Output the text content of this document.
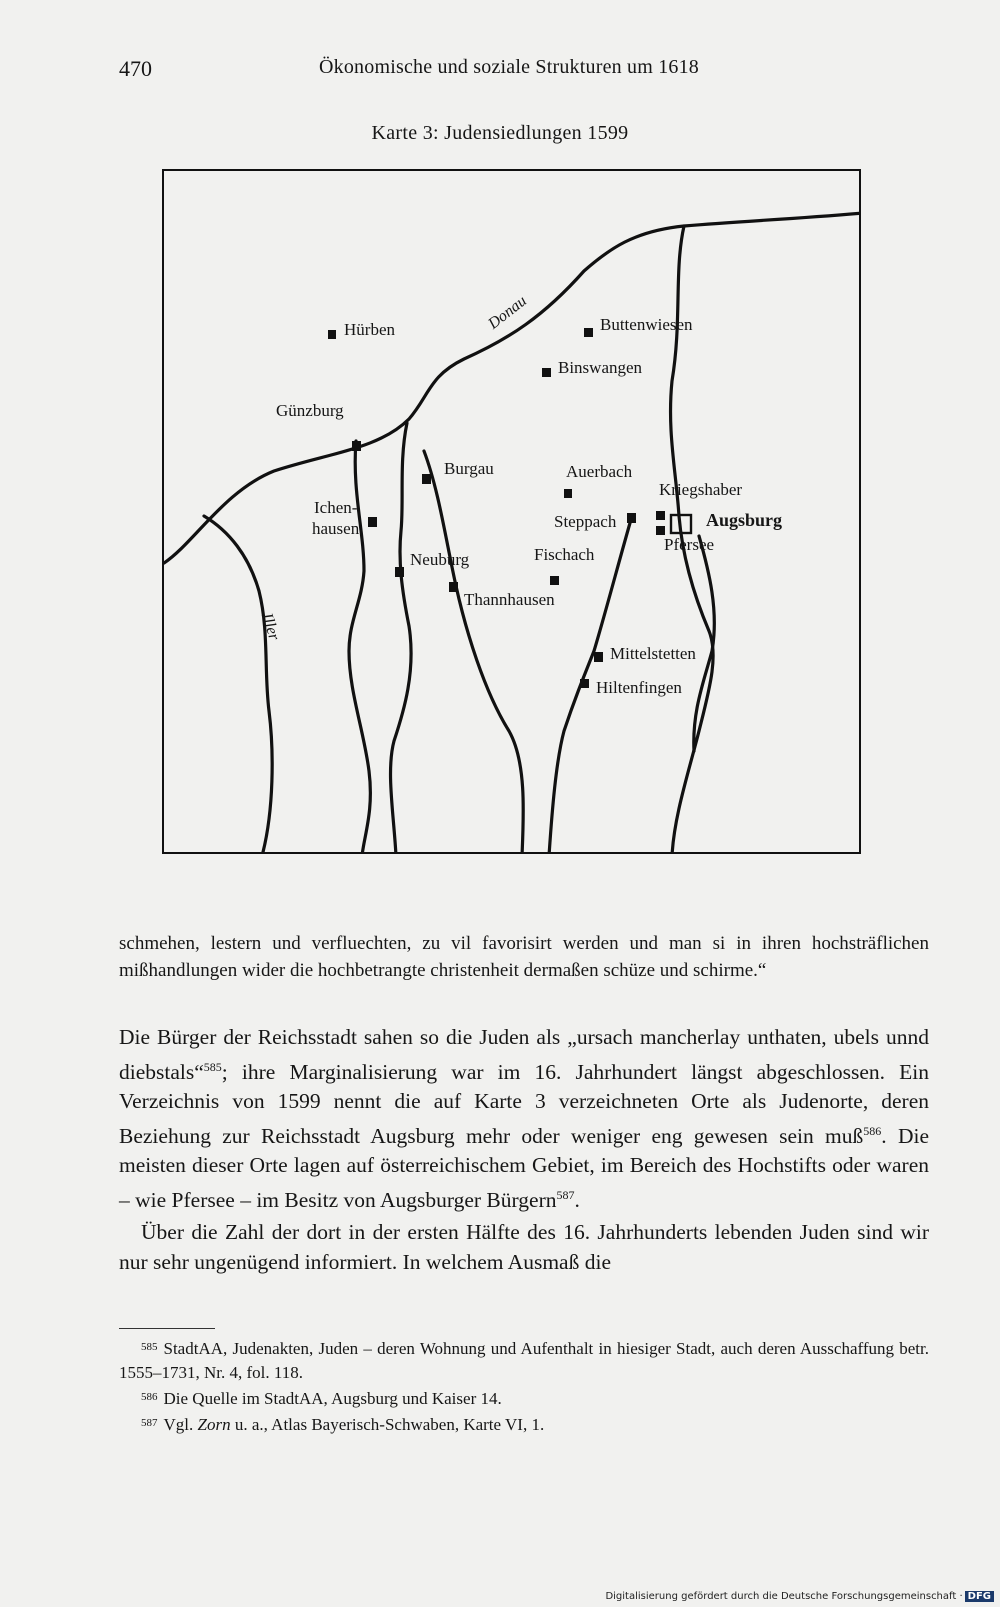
470	Ökonomische und soziale Strukturen um 1618
Karte 3: Judensiedlungen 1599
Donau
Iller
Hürben	Buttenwiesen
Binswangen
Günzburg
Burgau	Auerbach
Kriegshaber
Ichen-
hausen	Steppach	Augsburg
Pfersee
Neuburg	Fischach
Thannhausen
Mittelstetten
Hiltenfingen
schmehen, lestern und verfluechten, zu vil favorisirt werden und man si in ihren hochsträflichen mißhandlungen wider die hochbetrangte christenheit dermaßen schüze und schirme.“

Die Bürger der Reichsstadt sahen so die Juden als „ursach mancherlay unthaten, ubels unnd diebstals“$^{585}$; ihre Marginalisierung war im 16. Jahrhundert längst abgeschlossen. Ein Verzeichnis von 1599 nennt die auf Karte 3 verzeichneten Orte als Judenorte, deren Beziehung zur Reichsstadt Augsburg mehr oder weniger eng gewesen sein muß$^{586}$. Die meisten dieser Orte lagen auf österreichischem Gebiet, im Bereich des Hochstifts oder waren – wie Pfersee – im Besitz von Augsburger Bürgern$^{587}$.

Über die Zahl der dort in der ersten Hälfte des 16. Jahrhunderts lebenden Juden sind wir nur sehr ungenügend informiert. In welchem Ausmaß die

$^{585}$ StadtAA, Judenakten, Juden – deren Wohnung und Aufenthalt in hiesiger Stadt, auch deren Ausschaffung betr. 1555–1731, Nr. 4, fol. 118.

$^{586}$ Die Quelle im StadtAA, Augsburg und Kaiser 14.

$^{587}$ Vgl. Zorn u. a., Atlas Bayerisch-Schwaben, Karte VI, 1.

Digitalisierung gefördert durch die Deutsche Forschungsgemeinschaft · DFG
